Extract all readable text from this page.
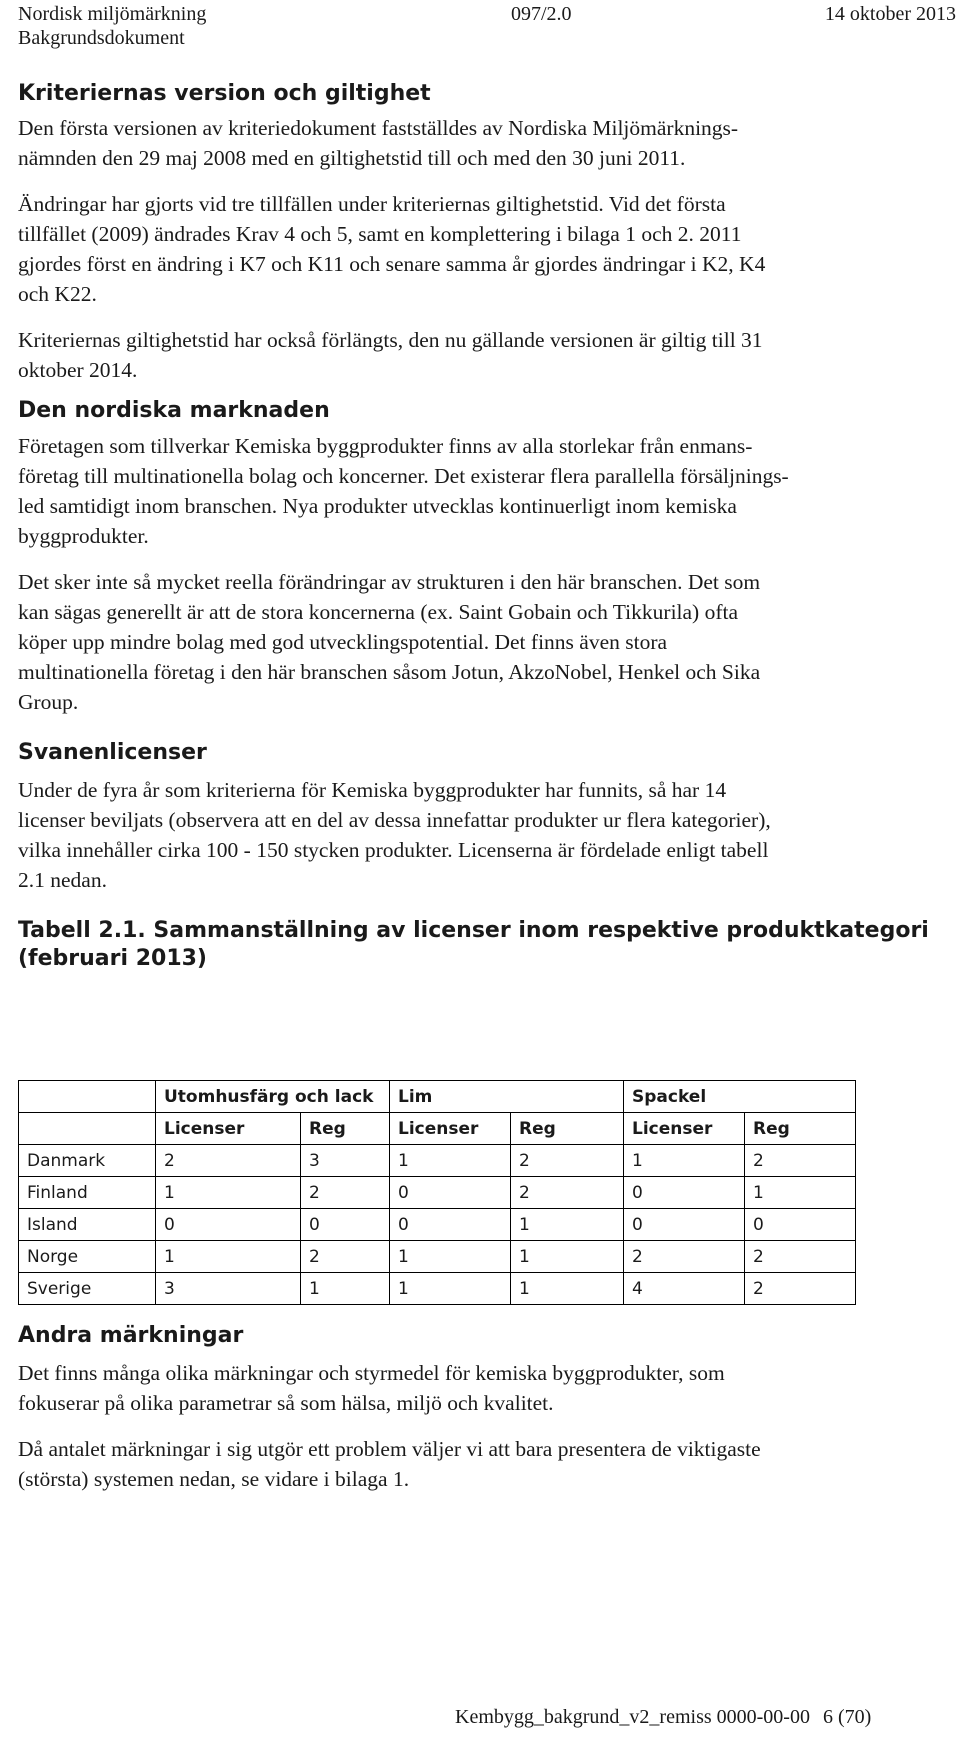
Nordisk miljömärkning
Bakgrundsdokument
097/2.0	14 oktober 2013
Kriteriernas version och giltighet

Den första versionen av kriteriedokument fastställdes av Nordiska Miljömärknings-
nämnden den 29 maj 2008 med en giltighetstid till och med den 30 juni 2011.

Ändringar har gjorts vid tre tillfällen under kriteriernas giltighetstid. Vid det första
tillfället (2009) ändrades Krav 4 och 5, samt en komplettering i bilaga 1 och 2. 2011
gjordes först en ändring i K7 och K11 och senare samma år gjordes ändringar i K2, K4
och K22.

Kriteriernas giltighetstid har också förlängts, den nu gällande versionen är giltig till 31
oktober 2014.

Den nordiska marknaden

Företagen som tillverkar Kemiska byggprodukter finns av alla storlekar från enmans-
företag till multinationella bolag och koncerner. Det existerar flera parallella försäljnings-
led samtidigt inom branschen. Nya produkter utvecklas kontinuerligt inom kemiska
byggprodukter.

Det sker inte så mycket reella förändringar av strukturen i den här branschen. Det som
kan sägas generellt är att de stora koncernerna (ex. Saint Gobain och Tikkurila) ofta
köper upp mindre bolag med god utvecklingspotential. Det finns även stora
multinationella företag i den här branschen såsom Jotun, AkzoNobel, Henkel och Sika
Group.

Svanenlicenser

Under de fyra år som kriterierna för Kemiska byggprodukter har funnits, så har 14
licenser beviljats (observera att en del av dessa innefattar produkter ur flera kategorier),
vilka innehåller cirka 100 - 150 stycken produkter. Licenserna är fördelade enligt tabell
2.1 nedan.

Tabell 2.1. Sammanställning av licenser inom respektive produktkategori
(februari 2013)
	Utomhusfärg och lack		Lim		Spackel	
	Licenser	Reg	Licenser	Reg	Licenser	Reg
Danmark	2	3	1	2	1	2
Finland	1	2	0	2	0	1
Island	0	0	0	1	0	0
Norge	1	2	1	1	2	2
Sverige	3	1	1	1	4	2
Andra märkningar

Det finns många olika märkningar och styrmedel för kemiska byggprodukter, som
fokuserar på olika parametrar så som hälsa, miljö och kvalitet.

Då antalet märkningar i sig utgör ett problem väljer vi att bara presentera de viktigaste
(största) systemen nedan, se vidare i bilaga 1.

Kembygg_bakgrund_v2_remiss 0000-00-00 6 (70)
